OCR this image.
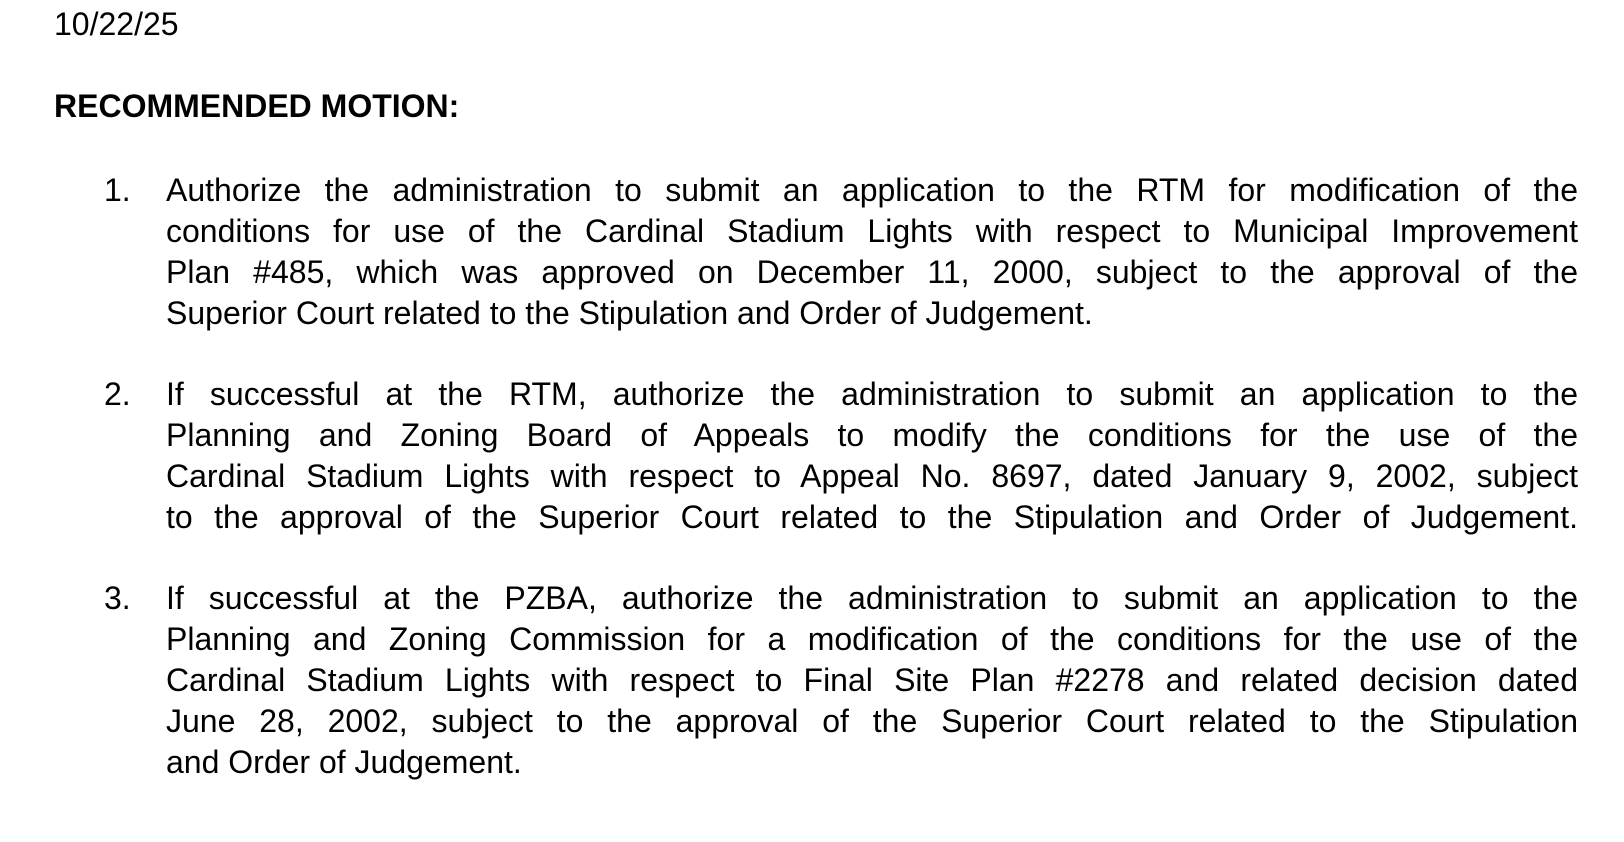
10/22/25
RECOMMENDED MOTION:
1.	Authorize the administration to submit an application to the RTM for modification of the
conditions for use of the Cardinal Stadium Lights with respect to Municipal Improvement
Plan #485, which was approved on December 11, 2000, subject to the approval of the
Superior Court related to the Stipulation and Order of Judgement.
2.	If successful at the RTM, authorize the administration to submit an application to the
Planning and Zoning Board of Appeals to modify the conditions for the use of the
Cardinal Stadium Lights with respect to Appeal No. 8697, dated January 9, 2002, subject
to the approval of the Superior Court related to the Stipulation and Order of Judgement.
3.	If successful at the PZBA, authorize the administration to submit an application to the
Planning and Zoning Commission for a modification of the conditions for the use of the
Cardinal Stadium Lights with respect to Final Site Plan #2278 and related decision dated
June 28, 2002, subject to the approval of the Superior Court related to the Stipulation
and Order of Judgement.
